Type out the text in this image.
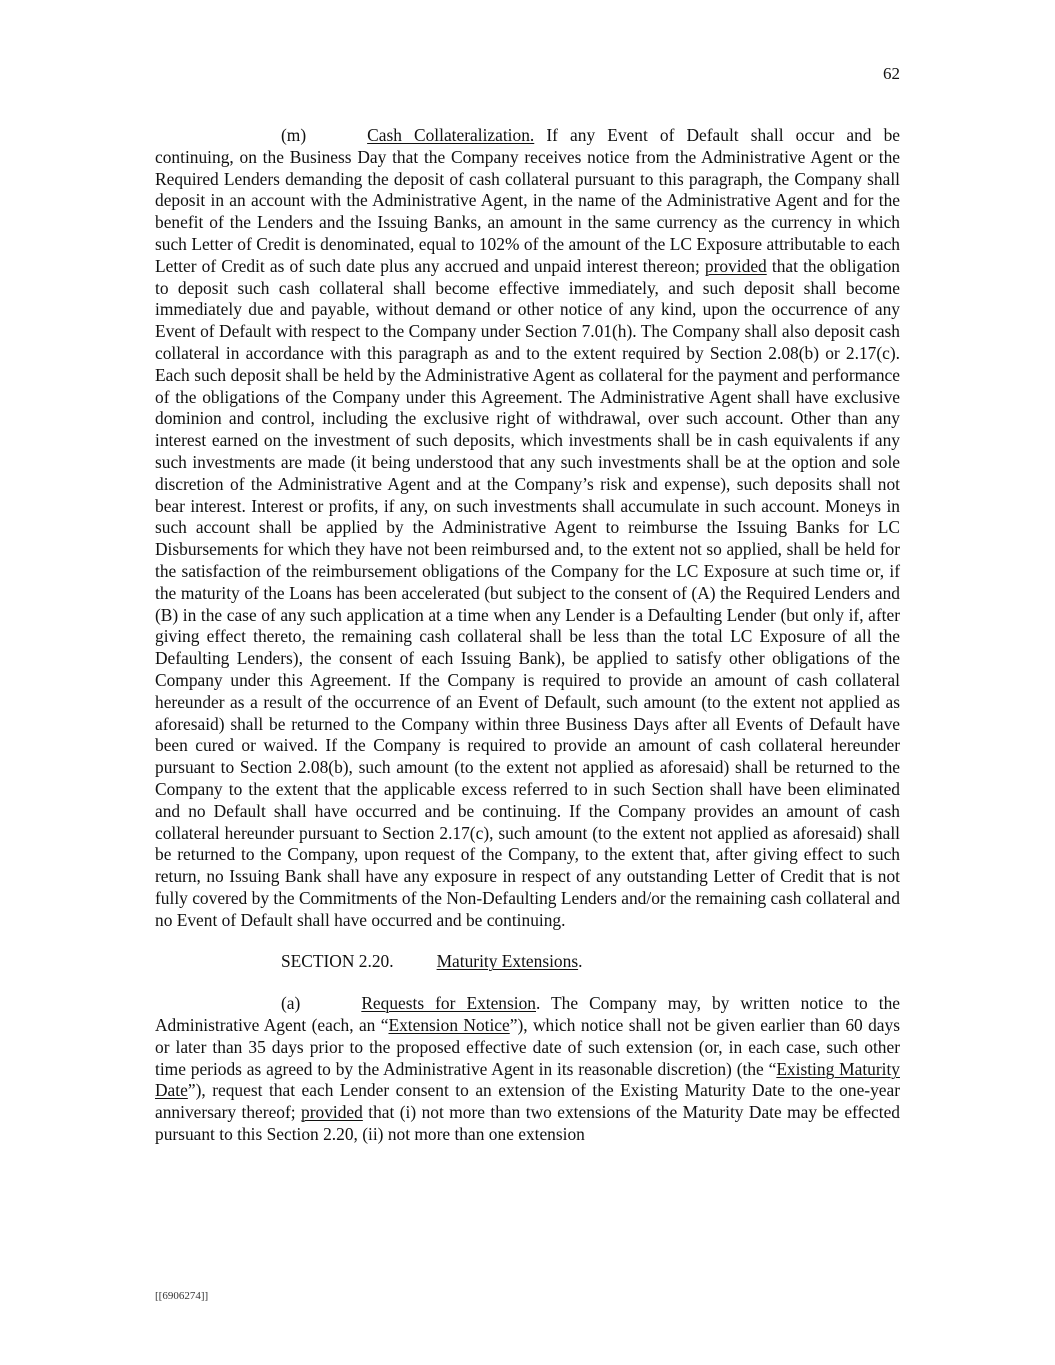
62

(m)	Cash Collateralization. If any Event of Default shall occur and be continuing, on the Business Day that the Company receives notice from the Administrative Agent or the Required Lenders demanding the deposit of cash collateral pursuant to this paragraph, the Company shall deposit in an account with the Administrative Agent, in the name of the Administrative Agent and for the benefit of the Lenders and the Issuing Banks, an amount in the same currency as the currency in which such Letter of Credit is denominated, equal to 102% of the amount of the LC Exposure attributable to each Letter of Credit as of such date plus any accrued and unpaid interest thereon; provided that the obligation to deposit such cash collateral shall become effective immediately, and such deposit shall become immediately due and payable, without demand or other notice of any kind, upon the occurrence of any Event of Default with respect to the Company under Section 7.01(h). The Company shall also deposit cash collateral in accordance with this paragraph as and to the extent required by Section 2.08(b) or 2.17(c). Each such deposit shall be held by the Administrative Agent as collateral for the payment and performance of the obligations of the Company under this Agreement. The Administrative Agent shall have exclusive dominion and control, including the exclusive right of withdrawal, over such account. Other than any interest earned on the investment of such deposits, which investments shall be in cash equivalents if any such investments are made (it being understood that any such investments shall be at the option and sole discretion of the Administrative Agent and at the Company’s risk and expense), such deposits shall not bear interest. Interest or profits, if any, on such investments shall accumulate in such account. Moneys in such account shall be applied by the Administrative Agent to reimburse the Issuing Banks for LC Disbursements for which they have not been reimbursed and, to the extent not so applied, shall be held for the satisfaction of the reimbursement obligations of the Company for the LC Exposure at such time or, if the maturity of the Loans has been accelerated (but subject to the consent of (A) the Required Lenders and (B) in the case of any such application at a time when any Lender is a Defaulting Lender (but only if, after giving effect thereto, the remaining cash collateral shall be less than the total LC Exposure of all the Defaulting Lenders), the consent of each Issuing Bank), be applied to satisfy other obligations of the Company under this Agreement. If the Company is required to provide an amount of cash collateral hereunder as a result of the occurrence of an Event of Default, such amount (to the extent not applied as aforesaid) shall be returned to the Company within three Business Days after all Events of Default have been cured or waived. If the Company is required to provide an amount of cash collateral hereunder pursuant to Section 2.08(b), such amount (to the extent not applied as aforesaid) shall be returned to the Company to the extent that the applicable excess referred to in such Section shall have been eliminated and no Default shall have occurred and be continuing. If the Company provides an amount of cash collateral hereunder pursuant to Section 2.17(c), such amount (to the extent not applied as aforesaid) shall be returned to the Company, upon request of the Company, to the extent that, after giving effect to such return, no Issuing Bank shall have any exposure in respect of any outstanding Letter of Credit that is not fully covered by the Commitments of the Non-Defaulting Lenders and/or the remaining cash collateral and no Event of Default shall have occurred and be continuing.

SECTION 2.20. Maturity Extensions.

(a)	Requests for Extension. The Company may, by written notice to the Administrative Agent (each, an “Extension Notice”), which notice shall not be given earlier than 60 days or later than 35 days prior to the proposed effective date of such extension (or, in each case, such other time periods as agreed to by the Administrative Agent in its reasonable discretion) (the “Existing Maturity Date”), request that each Lender consent to an extension of the Existing Maturity Date to the one-year anniversary thereof; provided that (i) not more than two extensions of the Maturity Date may be effected pursuant to this Section 2.20, (ii) not more than one extension

[[6906274]]
